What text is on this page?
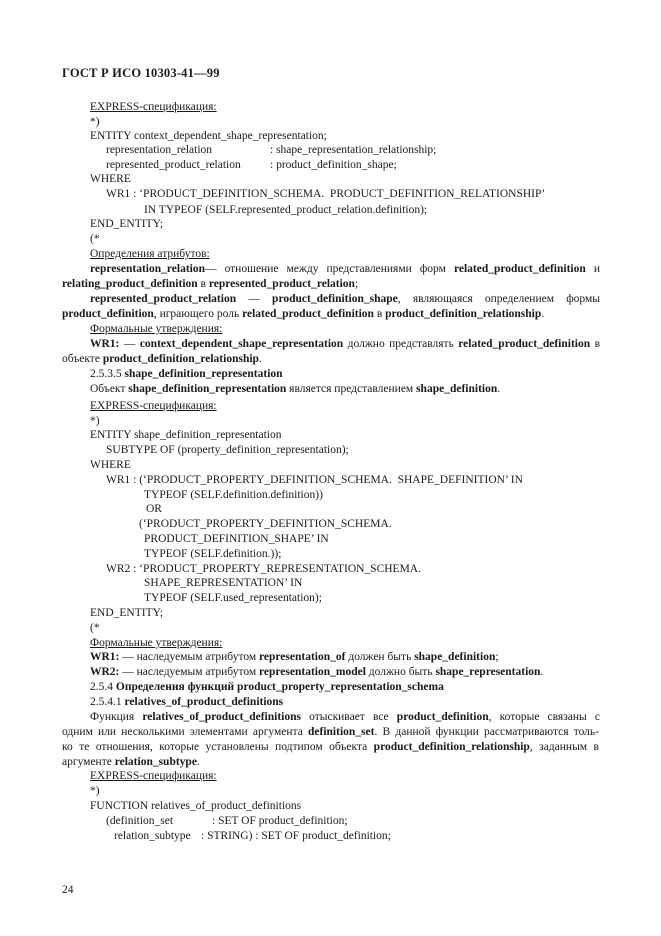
ГОСТ Р ИСО 10303-41—99
EXPRESS-спецификация:
*)
ENTITY context_dependent_shape_representation;
representation_relation	: shape_representation_relationship;
represented_product_relation	: product_definition_shape;
WHERE
WR1 : ‘PRODUCT_DEFINITION_SCHEMA.  PRODUCT_DEFINITION_RELATIONSHIP’
IN TYPEOF (SELF.represented_product_relation.definition);
END_ENTITY;
(*
Определения атрибутов:
representation_relation— отношение между представлениями форм related_product_definition и
relating_product_definition в represented_product_relation;
represented_product_relation — product_definition_shape, являющаяся определением формы
product_definition, играющего роль related_product_definition в product_definition_relationship.
Формальные утверждения:
WR1: — context_dependent_shape_representation должно представлять related_product_definition в
объекте product_definition_relationship.
2.5.3.5 shape_definition_representation
Объект shape_definition_representation является представлением shape_definition.
EXPRESS-спецификация:
*)
ENTITY shape_definition_representation
SUBTYPE OF (property_definition_representation);
WHERE
WR1 : (‘PRODUCT_PROPERTY_DEFINITION_SCHEMA.  SHAPE_DEFINITION’ IN
TYPEOF (SELF.definition.definition))
OR
(‘PRODUCT_PROPERTY_DEFINITION_SCHEMA.
PRODUCT_DEFINITION_SHAPE’ IN
TYPEOF (SELF.definition.));
WR2 : ‘PRODUCT_PROPERTY_REPRESENTATION_SCHEMA.
SHAPE_REPRESENTATION’ IN
TYPEOF (SELF.used_representation);
END_ENTITY;
(*
Формальные утверждения:
WR1: — наследуемым атрибутом representation_of должен быть shape_definition;
WR2: — наследуемым атрибутом representation_model должно быть shape_representation.
2.5.4 Определения функций product_property_representation_schema
2.5.4.1 relatives_of_product_definitions
Функция relatives_of_product_definitions отыскивает все product_definition, которые связаны с
одним или несколькими элементами аргумента definition_set. В данной функции рассматриваются толь-
ко те отношения, которые установлены подтипом объекта product_definition_relationship, заданным в
аргументе relation_subtype.
EXPRESS-спецификация:
*)
FUNCTION relatives_of_product_definitions
(definition_set	: SET OF product_definition;
relation_subtype : STRING) : SET OF product_definition;
24
